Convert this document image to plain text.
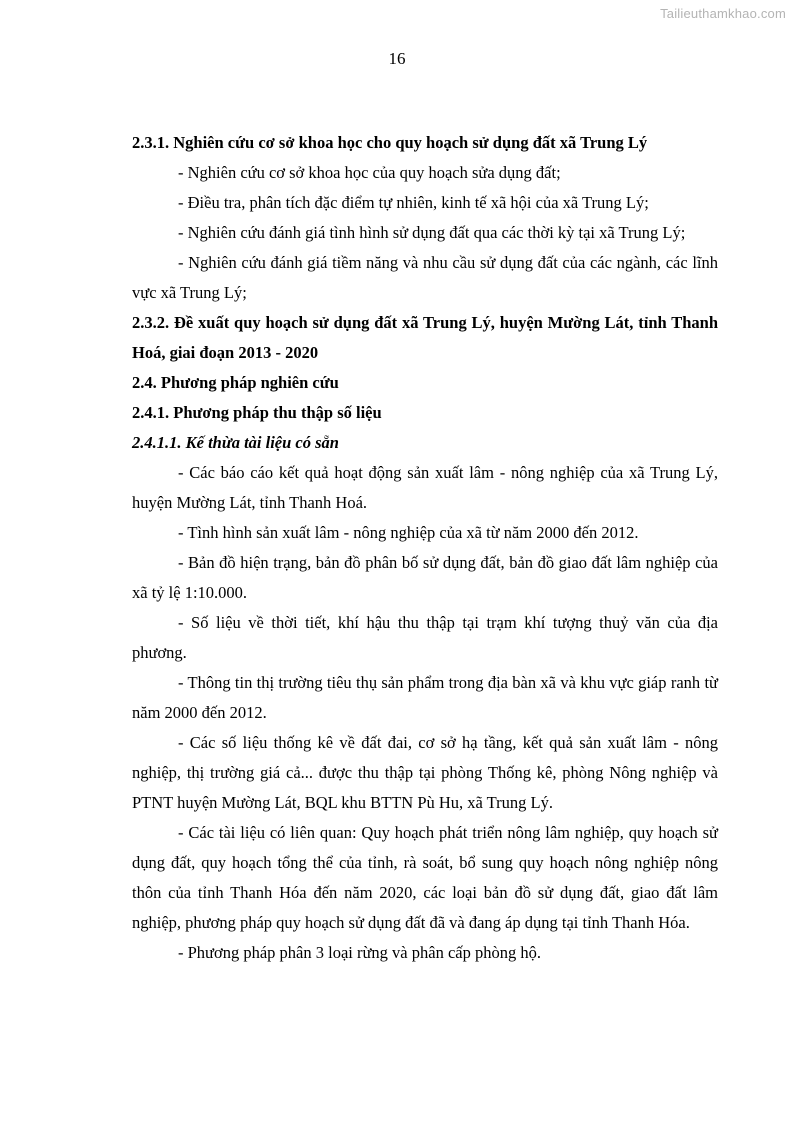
Tailieuthamkhao.com
16

2.3.1. Nghiên cứu cơ sở khoa học cho quy hoạch sử dụng đất xã Trung Lý

- Nghiên cứu cơ sở khoa học của quy hoạch sửa dụng đất;

- Điều tra, phân tích đặc điểm tự nhiên, kinh tế xã hội của xã Trung Lý;

- Nghiên cứu đánh giá tình hình sử dụng đất qua các thời kỳ tại xã Trung Lý;

- Nghiên cứu đánh giá tiềm năng và nhu cầu sử dụng đất của các ngành, các lĩnh vực xã Trung Lý;

2.3.2. Đề xuất quy hoạch sử dụng đất xã Trung Lý, huyện Mường Lát, tỉnh Thanh Hoá, giai đoạn 2013 - 2020

2.4. Phương pháp nghiên cứu

2.4.1. Phương pháp thu thập số liệu

2.4.1.1. Kế thừa tài liệu có sẵn

- Các báo cáo kết quả hoạt động sản xuất lâm - nông nghiệp của xã Trung Lý, huyện Mường Lát, tỉnh Thanh Hoá.

- Tình hình sản xuất lâm - nông nghiệp của xã từ năm 2000 đến 2012.

- Bản đồ hiện trạng, bản đồ phân bố sử dụng đất, bản đồ giao đất lâm nghiệp của xã tỷ lệ 1:10.000.

- Số liệu về thời tiết, khí hậu thu thập tại trạm khí tượng thuỷ văn của địa phương.

- Thông tin thị trường tiêu thụ sản phẩm trong địa bàn xã và khu vực giáp ranh từ năm 2000 đến 2012.

- Các số liệu thống kê về đất đai, cơ sở hạ tầng, kết quả sản xuất lâm - nông nghiệp, thị trường giá cả... được thu thập tại phòng Thống kê, phòng Nông nghiệp và PTNT huyện Mường Lát, BQL khu BTTN Pù Hu, xã Trung Lý.

- Các tài liệu có liên quan: Quy hoạch phát triển nông lâm nghiệp, quy hoạch sử dụng đất, quy hoạch tổng thể của tỉnh, rà soát, bổ sung quy hoạch nông nghiệp nông thôn của tỉnh Thanh Hóa đến năm 2020, các loại bản đồ sử dụng đất, giao đất lâm nghiệp, phương pháp quy hoạch sử dụng đất đã và đang áp dụng tại tỉnh Thanh Hóa.

- Phương pháp phân 3 loại rừng và phân cấp phòng hộ.
